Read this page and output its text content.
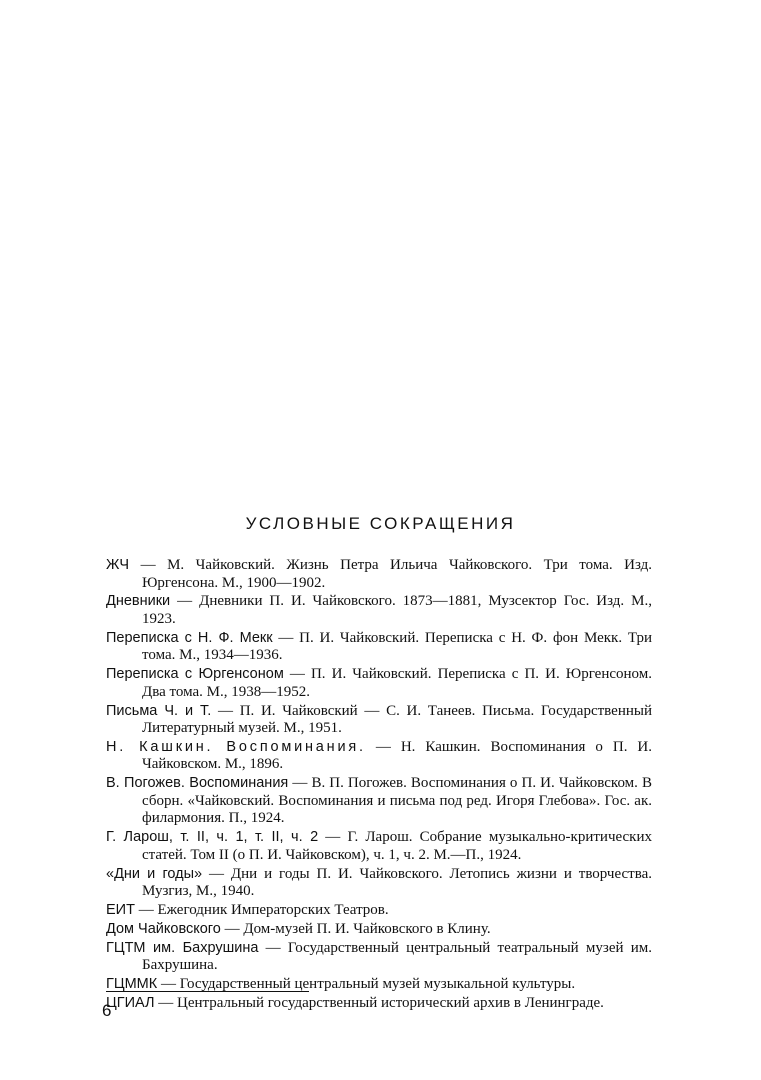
УСЛОВНЫЕ СОКРАЩЕНИЯ

ЖЧ — М. Чайковский. Жизнь Петра Ильича Чайковского. Три тома. Изд. Юргенсона. М., 1900—1902.

Дневники — Дневники П. И. Чайковского. 1873—1881, Музсектор Гос. Изд. М., 1923.

Переписка с Н. Ф. Мекк — П. И. Чайковский. Переписка с Н. Ф. фон Мекк. Три тома. М., 1934—1936.

Переписка с Юргенсоном — П. И. Чайковский. Переписка с П. И. Юргенсоном. Два тома. М., 1938—1952.

Письма Ч. и Т. — П. И. Чайковский — С. И. Танеев. Письма. Государственный Литературный музей. М., 1951.

Н. Кашкин. Воспоминания. — Н. Кашкин. Воспоминания о П. И. Чайковском. М., 1896.

В. Погожев. Воспоминания — В. П. Погожев. Воспоминания о П. И. Чайковском. В сборн. «Чайковский. Воспоминания и письма под ред. Игоря Глебова». Гос. ак. филармония. П., 1924.

Г. Ларош, т. II, ч. 1, т. II, ч. 2 — Г. Ларош. Собрание музыкально-критических статей. Том II (о П. И. Чайковском), ч. 1, ч. 2. М.—П., 1924.

«Дни и годы» — Дни и годы П. И. Чайковского. Летопись жизни и творчества. Музгиз, М., 1940.

ЕИТ — Ежегодник Императорских Театров.

Дом Чайковского — Дом-музей П. И. Чайковского в Клину.

ГЦТМ им. Бахрушина — Государственный центральный театральный музей им. Бахрушина.

ГЦММК — Государственный центральный музей музыкальной культуры.

ЦГИАЛ — Центральный государственный исторический архив в Ленинграде.

6
